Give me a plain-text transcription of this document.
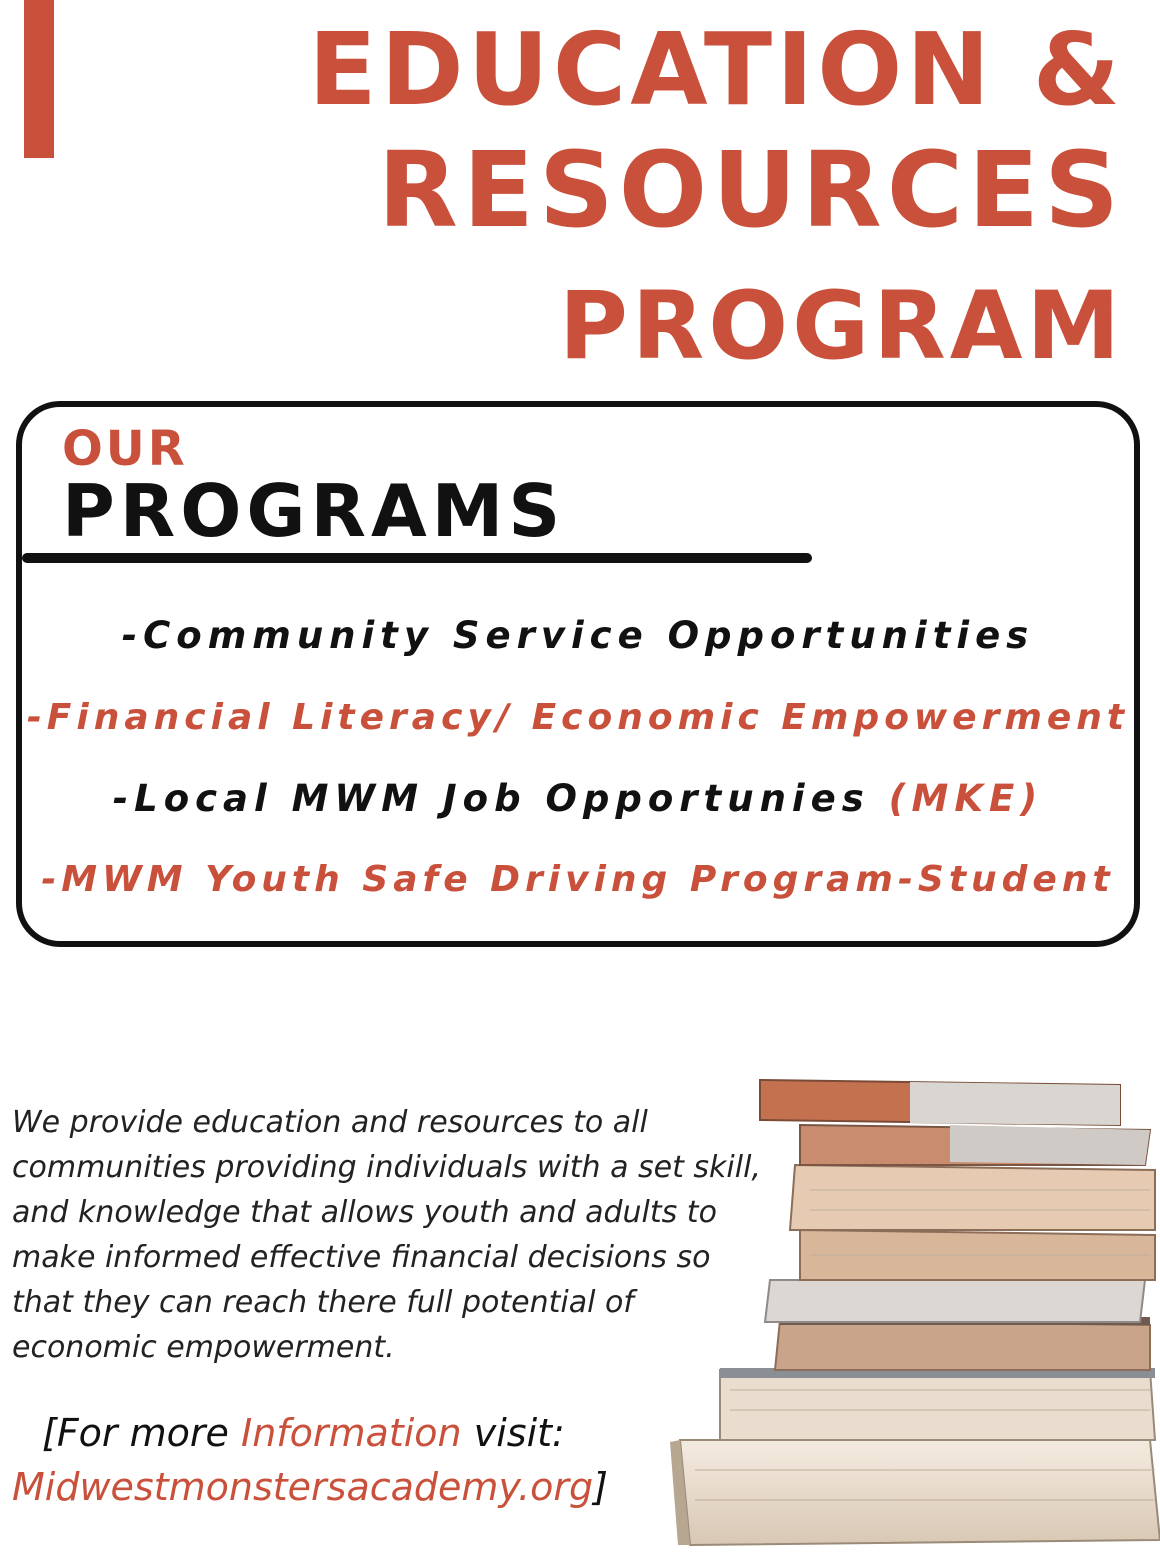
EDUCATION &
RESOURCES
PROGRAM
OUR
PROGRAMS
-Community Service Opportunities
-Financial Literacy/ Economic Empowerment
-Local MWM Job Opportunies (MKE)
-MWM Youth Safe Driving Program-Student

We provide education and resources to all communities providing individuals with a set skill, and knowledge that allows youth and adults to make informed effective financial decisions so that they can reach there full potential of economic empowerment.

[For more Information visit:
Midwestmonstersacademy.org]
